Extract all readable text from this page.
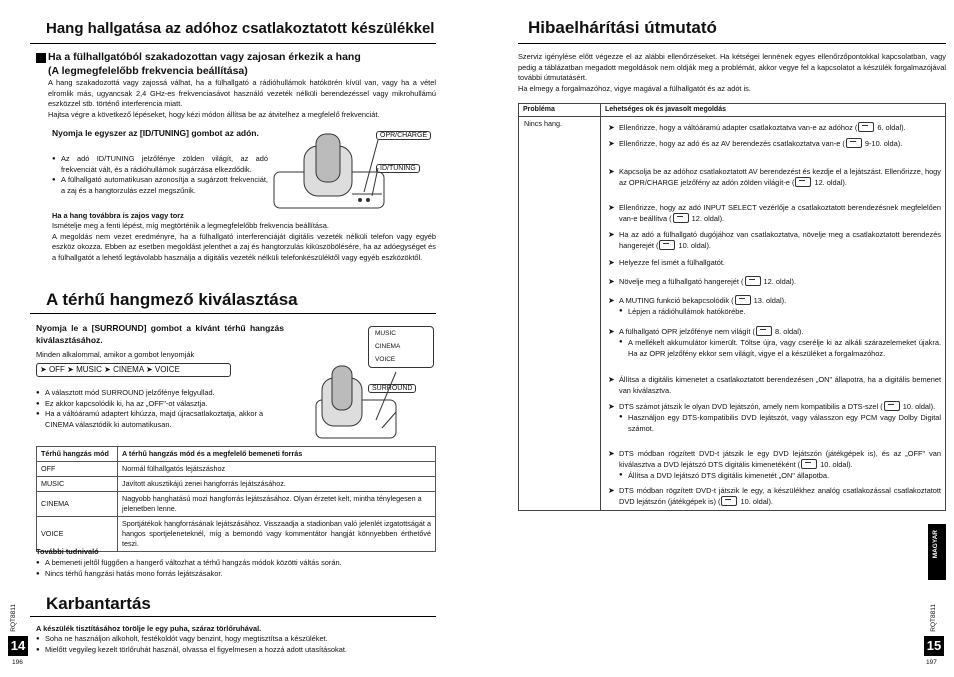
Hang hallgatása az adóhoz csatlakoztatott készülékkel
Ha a fülhallgatóból szakadozottan vagy zajosan érkezik a hang
(A legmegfelelőbb frekvencia beállítása)
A hang szakadozottá vagy zajossá válhat, ha a fülhallgató a rádióhullámok hatókörén kívül van, vagy ha a vétel elromlik más, ugyancsak 2,4 GHz-es frekvenciasávot használó vezeték nélküli berendezéssel vagy mikrohullámú eszközzel stb. történő interferencia miatt.
Hajtsa végre a következő lépéseket, hogy kézi módon állítsa be az átvitelhez a megfelelő frekvenciát.
Nyomja le egyszer az [ID/TUNING] gombot az adón.
● Az adó ID/TUNING jelzőfénye zölden világít, az adó frekvenciát vált, és a rádióhullámok sugárzása elkezdődik.
● A fülhallgató automatikusan azonosítja a sugárzott frekvenciát, a zaj és a hangtorzulás ezzel megszűnik.
OPR/CHARGE
ID/TUNING
Ha a hang továbbra is zajos vagy torz
Ismételje meg a fenti lépést, míg megtörténik a legmegfelelőbb frekvencia beállítása.
A megoldás nem vezet eredményre, ha a fülhallgató interferenciáját digitális vezeték nélküli telefon vagy egyéb eszköz okozza. Ebben az esetben megoldást jelenthet a zaj és hangtorzulás kiküszöbölésére, ha az adóegységet és a fülhallgatót a lehető legtávolabb használja a digitális vezeték nélküli telefonkészüléktől vagy egyéb eszközöktől.
A térhű hangmező kiválasztása
Nyomja le a [SURROUND] gombot a kívánt térhű hangzás kiválasztásához.
Minden alkalommal, amikor a gombot lenyomják
➤ OFF ➤ MUSIC ➤ CINEMA ➤ VOICE
● A választott mód SURROUND jelzőfénye felgyullad.
● Ez akkor kapcsolódik ki, ha az „OFF"-ot választja.
● Ha a váltóáramú adaptert kihúzza, majd újracsatlakoztatja, akkor a CINEMA választódik ki automatikusan.
MUSIC
CINEMA
VOICE
SURROUND
Térhű hangzás mód	A térhű hangzás mód és a megfelelő bemeneti forrás
OFF	Normál fülhallgatós lejátszáshoz
MUSIC	Javított akusztikájú zenei hangforrás lejátszásához.
CINEMA	Nagyobb hanghatású mozi hangforrás lejátszásához. Olyan érzetet kelt, mintha ténylegesen a jelenetben lenne.
VOICE	Sportjátékok hangforrásának lejátszásához. Visszaadja a stadionban való jelenlét izgatottságát a hangos sportjeleneteknél, míg a bemondó vagy kommentátor hangját könnyebben érthetővé teszi.
További tudnivaló
● A bemeneti jeltől függően a hangerő változhat a térhű hangzás módok közötti váltás során.
● Nincs térhű hangzási hatás mono forrás lejátszásakor.
Karbantartás
A készülék tisztításához törölje le egy puha, száraz törlőruhával.
● Soha ne használjon alkoholt, festékoldót vagy benzint, hogy megtisztítsa a készüléket.
● Mielőtt vegyileg kezelt törlőruhát használ, olvassa el figyelmesen a hozzá adott utasításokat.
RQT8811
14
196
Hibaelhárítási útmutató
Szerviz igénylése előtt végezze el az alábbi ellenőrzéseket. Ha kétségei lennének egyes ellenőrzőpontokkal kapcsolatban, vagy pedig a táblázatban megadott megoldások nem oldják meg a problémát, akkor vegye fel a kapcsolatot a készülék forgalmazójával további útmutatásért.
Ha elmegy a forgalmazóhoz, vigye magával a fülhallgatót és az adót is.
Probléma	Lehetséges ok és javasolt megoldás
Nincs hang.	➤ Ellenőrizze, hogy a váltóáramú adapter csatlakoztatva van-e az adóhoz ( 6. oldal).
➤ Ellenőrizze, hogy az adó és az AV berendezés csatlakoztatva van-e ( 9-10. olda).
➤ Kapcsolja be az adóhoz csatlakoztatott AV berendezést és kezdje el a lejátszást. Ellenőrizze, hogy az OPR/CHARGE jelzőfény az adón zölden világít-e ( 12. oldal).
➤ Ellenőrizze, hogy az adó INPUT SELECT vezérlője a csatlakoztatott berendezésnek megfelelően van-e beállítva ( 12. oldal).
➤ Ha az adó a fülhallgató dugójához van csatlakoztatva, növelje meg a csatlakoztatott berendezés hangerejét ( 10. oldal).
➤ Helyezze fel ismét a fülhallgatót.
➤ Növelje meg a fülhallgató hangerejét ( 12. oldal).
➤ A MUTING funkció bekapcsolódik ( 13. oldal).
● Lépjen a rádióhullámok hatókörébe.
➤ A fülhallgató OPR jelzőfénye nem világít ( 8. oldal).
● A mellékelt akkumulátor kimerült. Töltse újra, vagy cserélje ki az alkáli szárazelemeket újakra. Ha az OPR jelzőfény ekkor sem világít, vigye el a készüléket a forgalmazóhoz.
➤ Állítsa a digitális kimenetet a csatlakoztatott berendezésen „ON" állapotra, ha a digitális bemenet van kiválasztva.
➤ DTS számot játszik le olyan DVD lejátszón, amely nem kompatibilis a DTS-szel ( 10. oldal).
● Használjon egy DTS-kompatibilis DVD lejátszót, vagy válasszon egy PCM vagy Dolby Digital számot.
➤ DTS módban rögzített DVD-t játszik le egy DVD lejátszón (játékgépek is), és az „OFF" van kiválasztva a DVD lejátszó DTS digitális kimenetéként ( 10. oldal).
● Állítsa a DVD lejátszó DTS digitális kimenetét „ON" állapotba.
➤ DTS módban rögzített DVD-t játszik le egy, a készülékhez analóg csatlakozással csatlakoztatott DVD lejátszón (játékgépek is) ( 10. oldal).
MAGYAR
RQT8811
15
197
